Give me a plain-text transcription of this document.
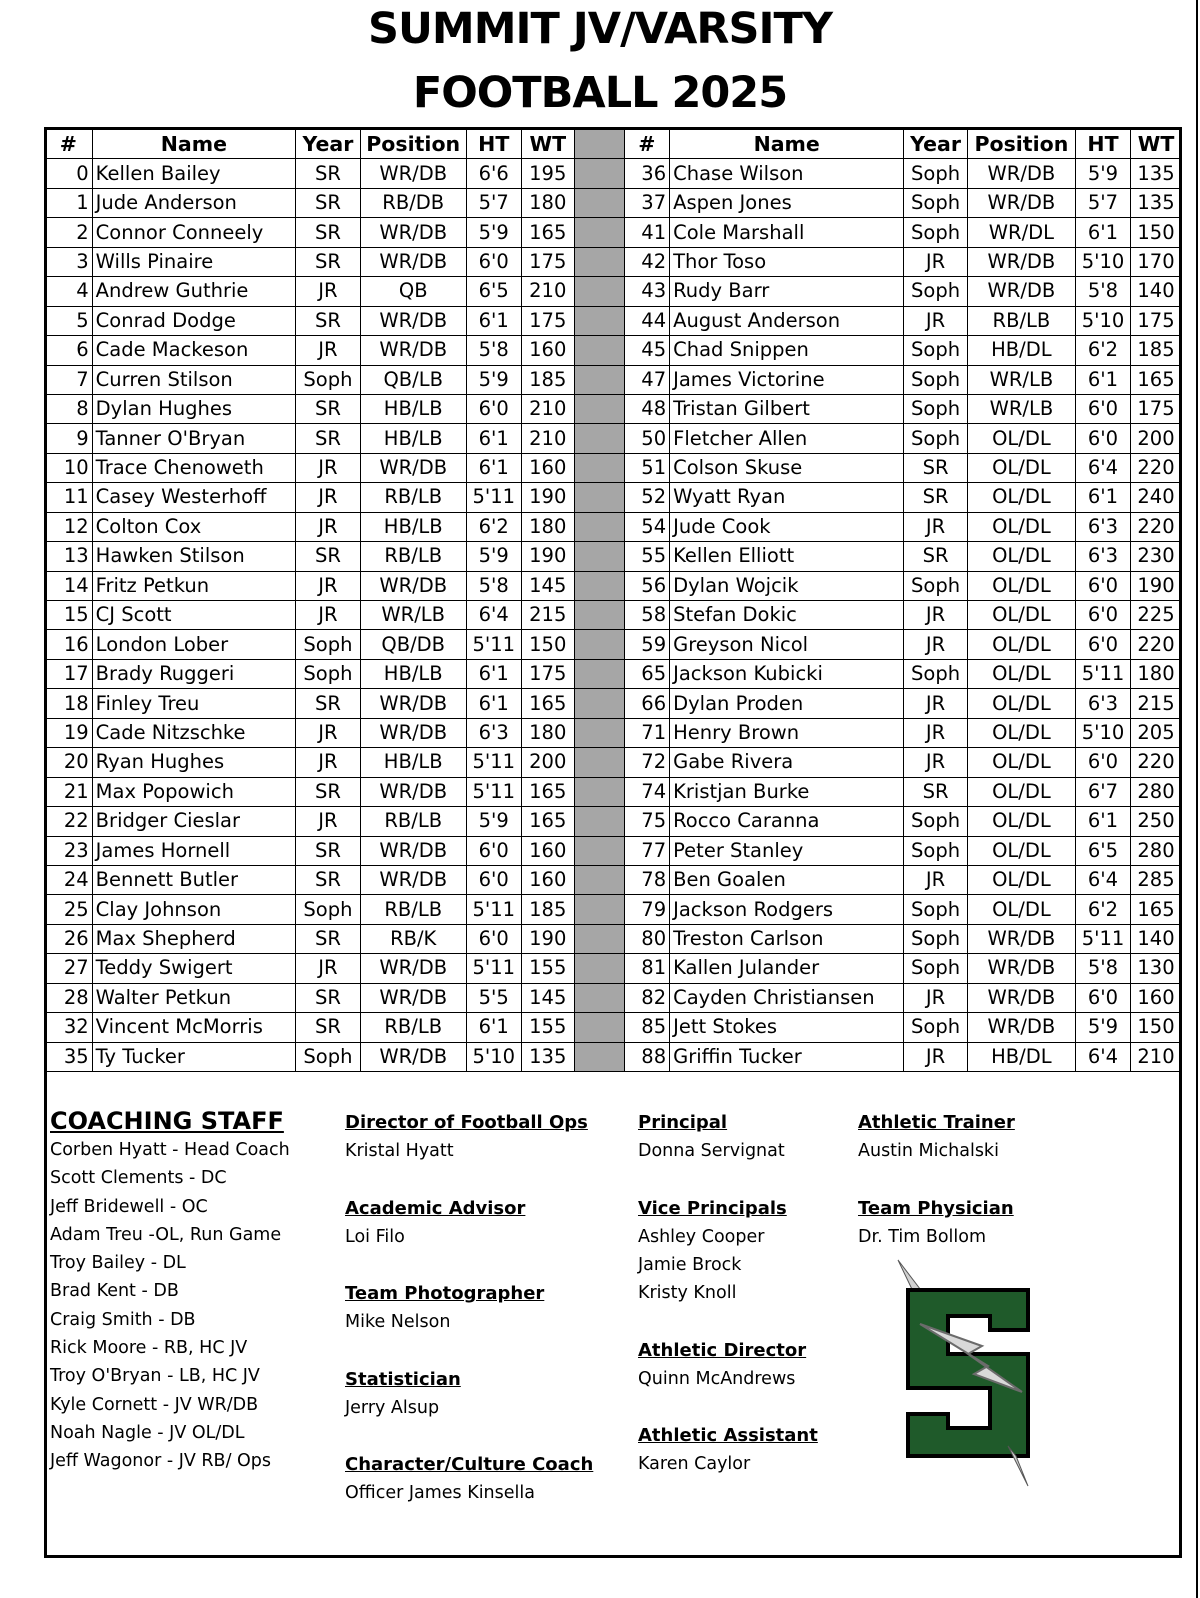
SUMMIT JV/VARSITY
FOOTBALL 2025
#	Name	Year	Position	HT	WT		#	Name	Year	Position	HT	WT
0	Kellen Bailey	SR	WR/DB	6'6	195		36	Chase Wilson	Soph	WR/DB	5'9	135
1	Jude Anderson	SR	RB/DB	5'7	180		37	Aspen Jones	Soph	WR/DB	5'7	135
2	Connor Conneely	SR	WR/DB	5'9	165		41	Cole Marshall	Soph	WR/DL	6'1	150
3	Wills Pinaire	SR	WR/DB	6'0	175		42	Thor Toso	JR	WR/DB	5'10	170
4	Andrew Guthrie	JR	QB	6'5	210		43	Rudy Barr	Soph	WR/DB	5'8	140
5	Conrad Dodge	SR	WR/DB	6'1	175		44	August Anderson	JR	RB/LB	5'10	175
6	Cade Mackeson	JR	WR/DB	5'8	160		45	Chad Snippen	Soph	HB/DL	6'2	185
7	Curren Stilson	Soph	QB/LB	5'9	185		47	James Victorine	Soph	WR/LB	6'1	165
8	Dylan Hughes	SR	HB/LB	6'0	210		48	Tristan Gilbert	Soph	WR/LB	6'0	175
9	Tanner O'Bryan	SR	HB/LB	6'1	210		50	Fletcher Allen	Soph	OL/DL	6'0	200
10	Trace Chenoweth	JR	WR/DB	6'1	160		51	Colson Skuse	SR	OL/DL	6'4	220
11	Casey Westerhoff	JR	RB/LB	5'11	190		52	Wyatt Ryan	SR	OL/DL	6'1	240
12	Colton Cox	JR	HB/LB	6'2	180		54	Jude Cook	JR	OL/DL	6'3	220
13	Hawken Stilson	SR	RB/LB	5'9	190		55	Kellen Elliott	SR	OL/DL	6'3	230
14	Fritz Petkun	JR	WR/DB	5'8	145		56	Dylan Wojcik	Soph	OL/DL	6'0	190
15	CJ Scott	JR	WR/LB	6'4	215		58	Stefan Dokic	JR	OL/DL	6'0	225
16	London Lober	Soph	QB/DB	5'11	150		59	Greyson Nicol	JR	OL/DL	6'0	220
17	Brady Ruggeri	Soph	HB/LB	6'1	175		65	Jackson Kubicki	Soph	OL/DL	5'11	180
18	Finley Treu	SR	WR/DB	6'1	165		66	Dylan Proden	JR	OL/DL	6'3	215
19	Cade Nitzschke	JR	WR/DB	6'3	180		71	Henry Brown	JR	OL/DL	5'10	205
20	Ryan Hughes	JR	HB/LB	5'11	200		72	Gabe Rivera	JR	OL/DL	6'0	220
21	Max Popowich	SR	WR/DB	5'11	165		74	Kristjan Burke	SR	OL/DL	6'7	280
22	Bridger Cieslar	JR	RB/LB	5'9	165		75	Rocco Caranna	Soph	OL/DL	6'1	250
23	James Hornell	SR	WR/DB	6'0	160		77	Peter Stanley	Soph	OL/DL	6'5	280
24	Bennett Butler	SR	WR/DB	6'0	160		78	Ben Goalen	JR	OL/DL	6'4	285
25	Clay Johnson	Soph	RB/LB	5'11	185		79	Jackson Rodgers	Soph	OL/DL	6'2	165
26	Max Shepherd	SR	RB/K	6'0	190		80	Treston Carlson	Soph	WR/DB	5'11	140
27	Teddy Swigert	JR	WR/DB	5'11	155		81	Kallen Julander	Soph	WR/DB	5'8	130
28	Walter Petkun	SR	WR/DB	5'5	145		82	Cayden Christiansen	JR	WR/DB	6'0	160
32	Vincent McMorris	SR	RB/LB	6'1	155		85	Jett Stokes	Soph	WR/DB	5'9	150
35	Ty Tucker	Soph	WR/DB	5'10	135		88	Griffin Tucker	JR	HB/DL	6'4	210
COACHING STAFF
Corben Hyatt - Head Coach
Scott Clements - DC
Jeff Bridewell - OC
Adam Treu -OL, Run Game
Troy Bailey - DL
Brad Kent - DB
Craig Smith - DB
Rick Moore - RB, HC JV
Troy O'Bryan - LB, HC JV
Kyle Cornett - JV WR/DB
Noah Nagle - JV OL/DL
Jeff Wagonor - JV RB/ Ops
Director of Football Ops
Kristal Hyatt
Academic Advisor
Loi Filo
Team Photographer
Mike Nelson
Statistician
Jerry Alsup
Character/Culture Coach
Officer James Kinsella
Principal
Donna Servignat
Vice Principals
Ashley Cooper
Jamie Brock
Kristy Knoll
Athletic Director
Quinn McAndrews
Athletic Assistant
Karen Caylor
Athletic Trainer
Austin Michalski
Team Physician
Dr. Tim Bollom
